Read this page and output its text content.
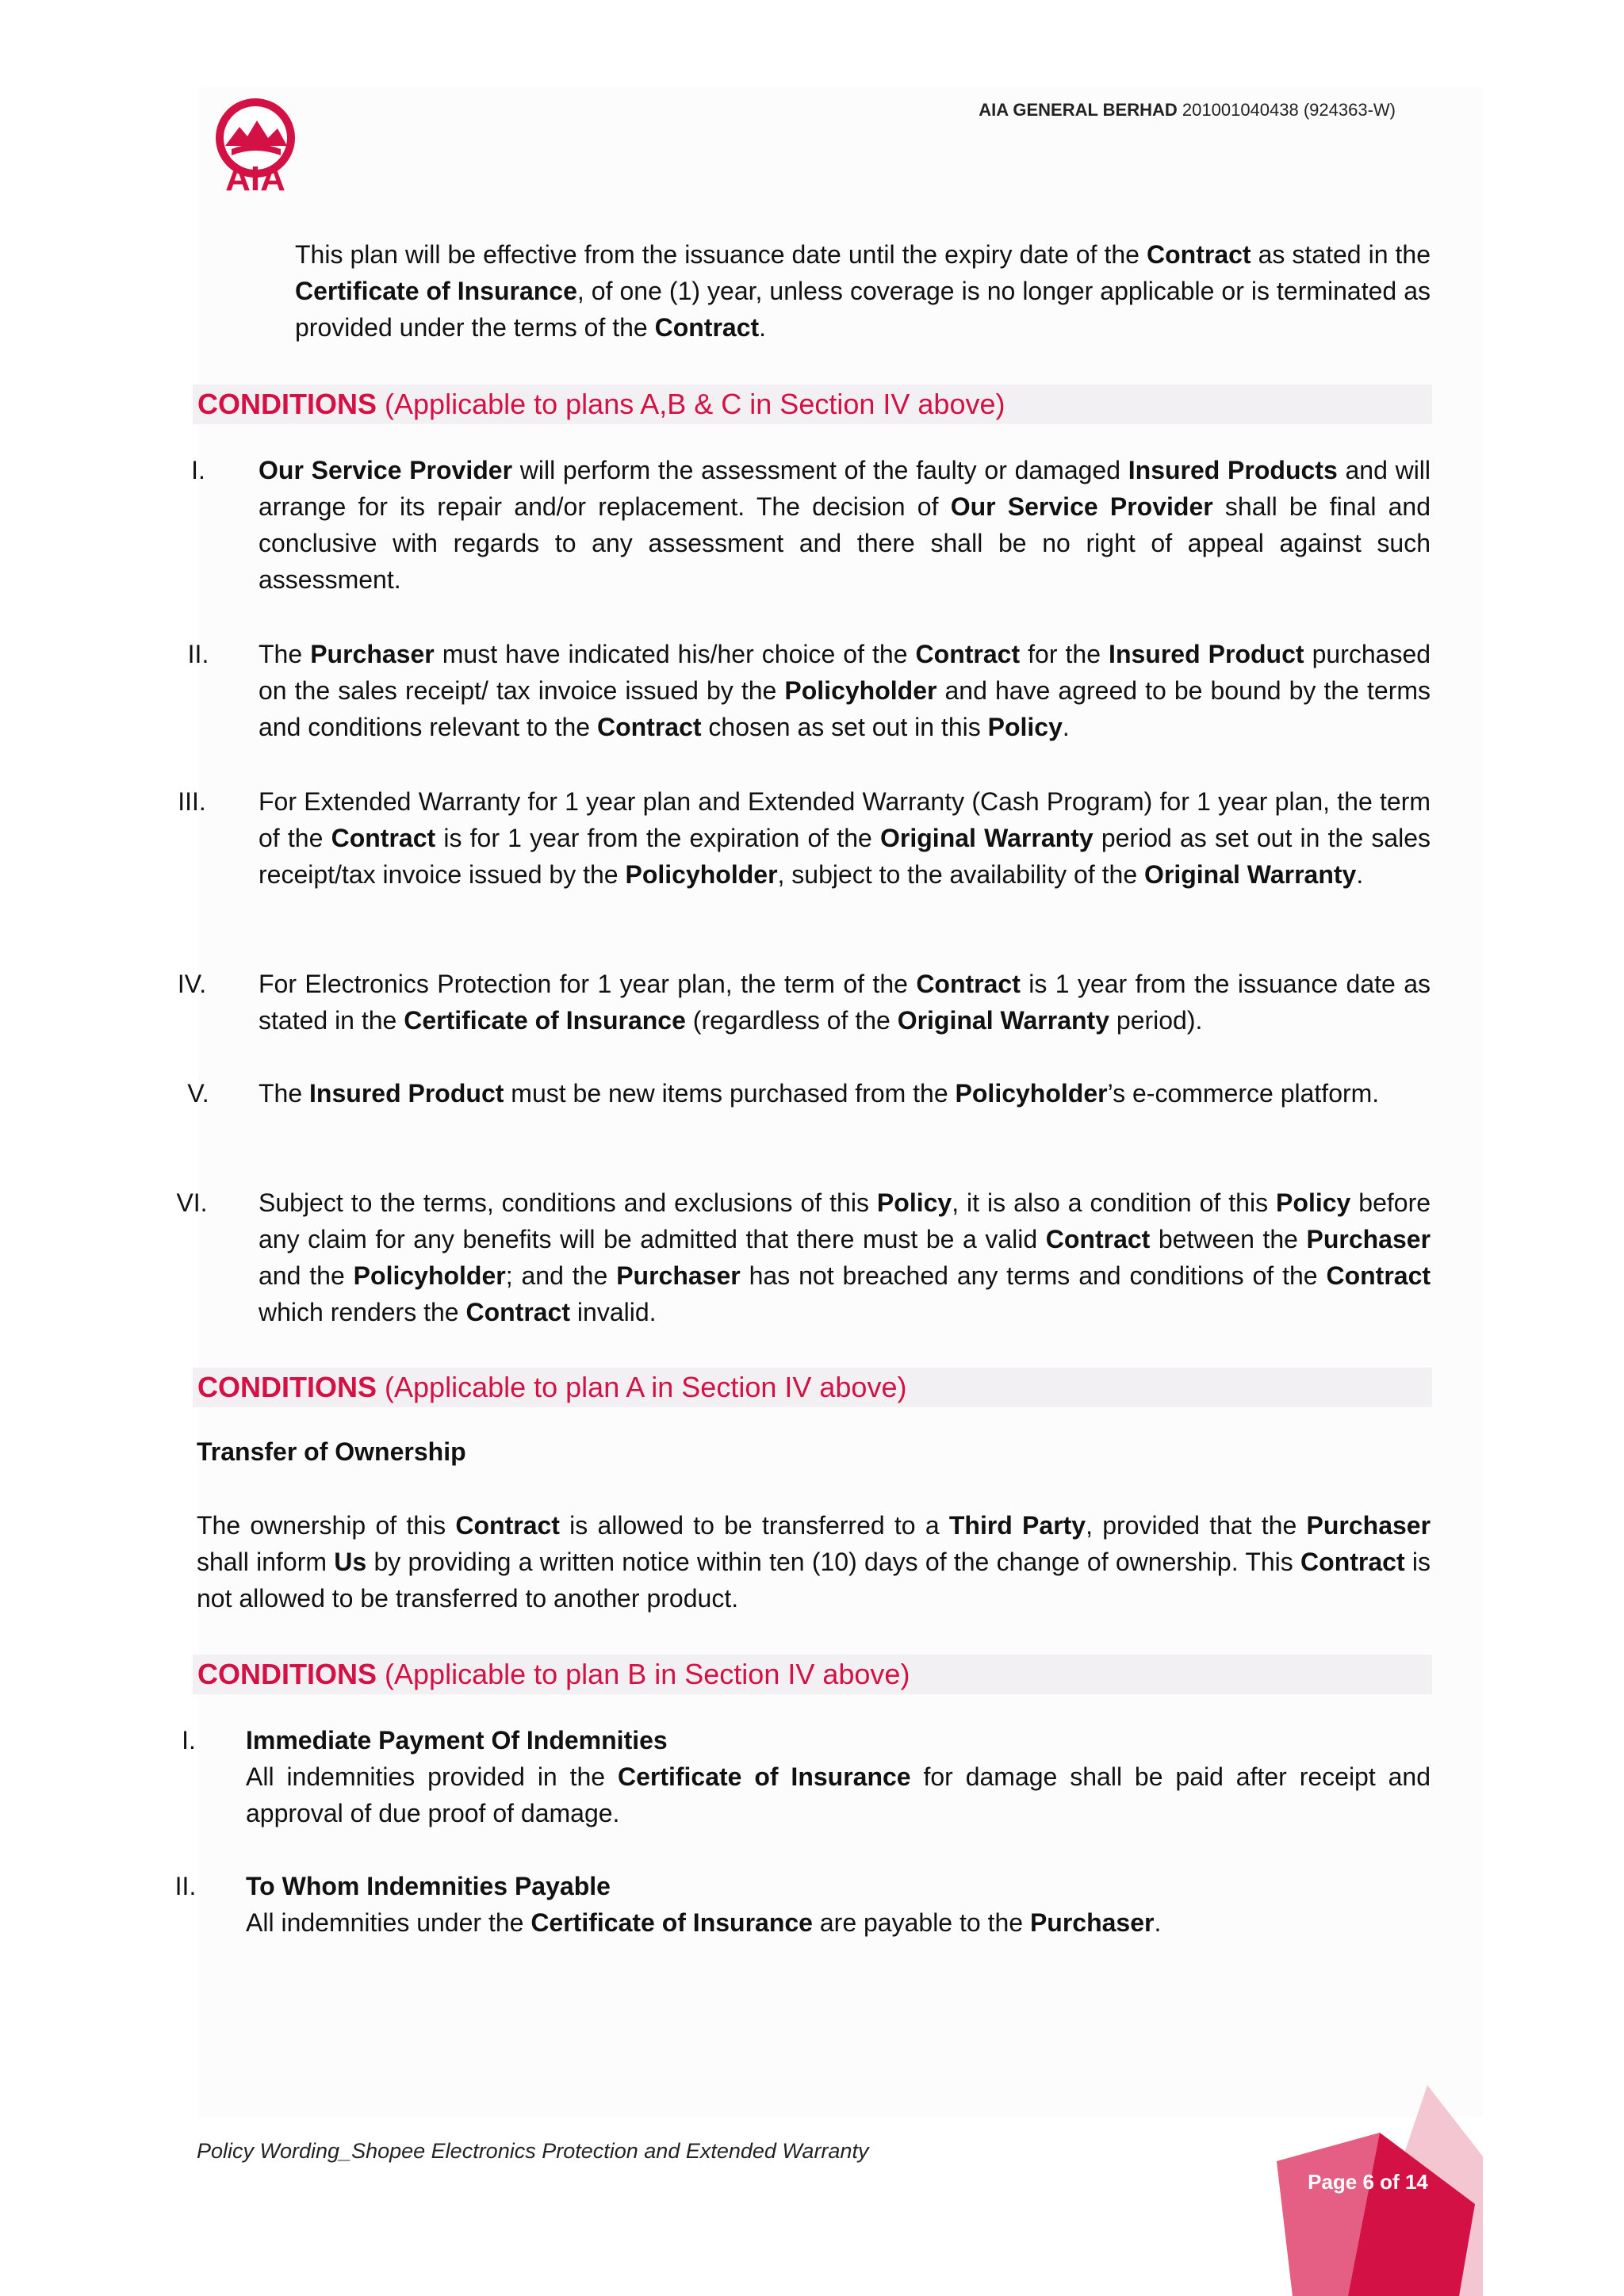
AIA
AIA GENERAL BERHAD 201001040438 (924363-W)

This plan will be effective from the issuance date until the expiry date of the Contract as stated in the Certificate of Insurance, of one (1) year, unless coverage is no longer applicable or is terminated as provided under the terms of the Contract.

CONDITIONS (Applicable to plans A,B & C in Section IV above)
I.	Our Service Provider will perform the assessment of the faulty or damaged Insured Products and will arrange for its repair and/or replacement. The decision of Our Service Provider shall be final and conclusive with regards to any assessment and there shall be no right of appeal against such assessment.

II.	The Purchaser must have indicated his/her choice of the Contract for the Insured Product purchased on the sales receipt/ tax invoice issued by the Policyholder and have agreed to be bound by the terms and conditions relevant to the Contract chosen as set out in this Policy.

III.	For Extended Warranty for 1 year plan and Extended Warranty (Cash Program) for 1 year plan, the term of the Contract is for 1 year from the expiration of the Original Warranty period as set out in the sales receipt/tax invoice issued by the Policyholder, subject to the availability of the Original Warranty.

IV.	For Electronics Protection for 1 year plan, the term of the Contract is 1 year from the issuance date as stated in the Certificate of Insurance (regardless of the Original Warranty period).

V.	The Insured Product must be new items purchased from the Policyholder’s e-commerce platform.

VI.	Subject to the terms, conditions and exclusions of this Policy, it is also a condition of this Policy before any claim for any benefits will be admitted that there must be a valid Contract between the Purchaser and the Policyholder; and the Purchaser has not breached any terms and conditions of the Contract which renders the Contract invalid.

CONDITIONS (Applicable to plan A in Section IV above)
Transfer of Ownership

The ownership of this Contract is allowed to be transferred to a Third Party, provided that the Purchaser shall inform Us by providing a written notice within ten (10) days of the change of ownership. This Contract is not allowed to be transferred to another product.

CONDITIONS (Applicable to plan B in Section IV above)
I.	Immediate Payment Of Indemnities

All indemnities provided in the Certificate of Insurance for damage shall be paid after receipt and approval of due proof of damage.

II.	To Whom Indemnities Payable

All indemnities under the Certificate of Insurance are payable to the Purchaser.

Policy Wording_Shopee Electronics Protection and Extended Warranty
Page 6 of 14
